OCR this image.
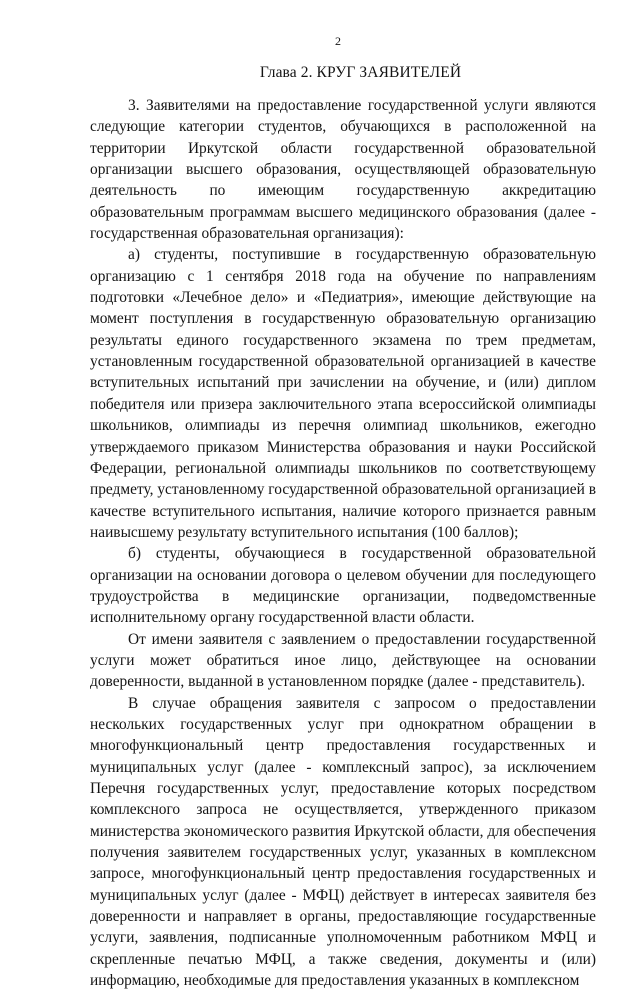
2
Глава 2. КРУГ ЗАЯВИТЕЛЕЙ

3. Заявителями на предоставление государственной услуги являются следующие категории студентов, обучающихся в расположенной на территории Иркутской области государственной образовательной организации высшего образования, осуществляющей образовательную деятельность по имеющим государственную аккредитацию образовательным программам высшего медицинского образования (далее - государственная образовательная организация):

а) студенты, поступившие в государственную образовательную организацию с 1 сентября 2018 года на обучение по направлениям подготовки «Лечебное дело» и «Педиатрия», имеющие действующие на момент поступления в государственную образовательную организацию результаты единого государственного экзамена по трем предметам, установленным государственной образовательной организацией в качестве вступительных испытаний при зачислении на обучение, и (или) диплом победителя или призера заключительного этапа всероссийской олимпиады школьников, олимпиады из перечня олимпиад школьников, ежегодно утверждаемого приказом Министерства образования и науки Российской Федерации, региональной олимпиады школьников по соответствующему предмету, установленному государственной образовательной организацией в качестве вступительного испытания, наличие которого признается равным наивысшему результату вступительного испытания (100 баллов);

б) студенты, обучающиеся в государственной образовательной организации на основании договора о целевом обучении для последующего трудоустройства в медицинские организации, подведомственные исполнительному органу государственной власти области.

От имени заявителя с заявлением о предоставлении государственной услуги может обратиться иное лицо, действующее на основании доверенности, выданной в установленном порядке (далее - представитель).

В случае обращения заявителя с запросом о предоставлении нескольких государственных услуг при однократном обращении в многофункциональный центр предоставления государственных и муниципальных услуг (далее - комплексный запрос), за исключением Перечня государственных услуг, предоставление которых посредством комплексного запроса не осуществляется, утвержденного приказом министерства экономического развития Иркутской области, для обеспечения получения заявителем государственных услуг, указанных в комплексном запросе, многофункциональный центр предоставления государственных и муниципальных услуг (далее - МФЦ) действует в интересах заявителя без доверенности и направляет в органы, предоставляющие государственные услуги, заявления, подписанные уполномоченным работником МФЦ и скрепленные печатью МФЦ, а также сведения, документы и (или) информацию, необходимые для предоставления указанных в комплексном
